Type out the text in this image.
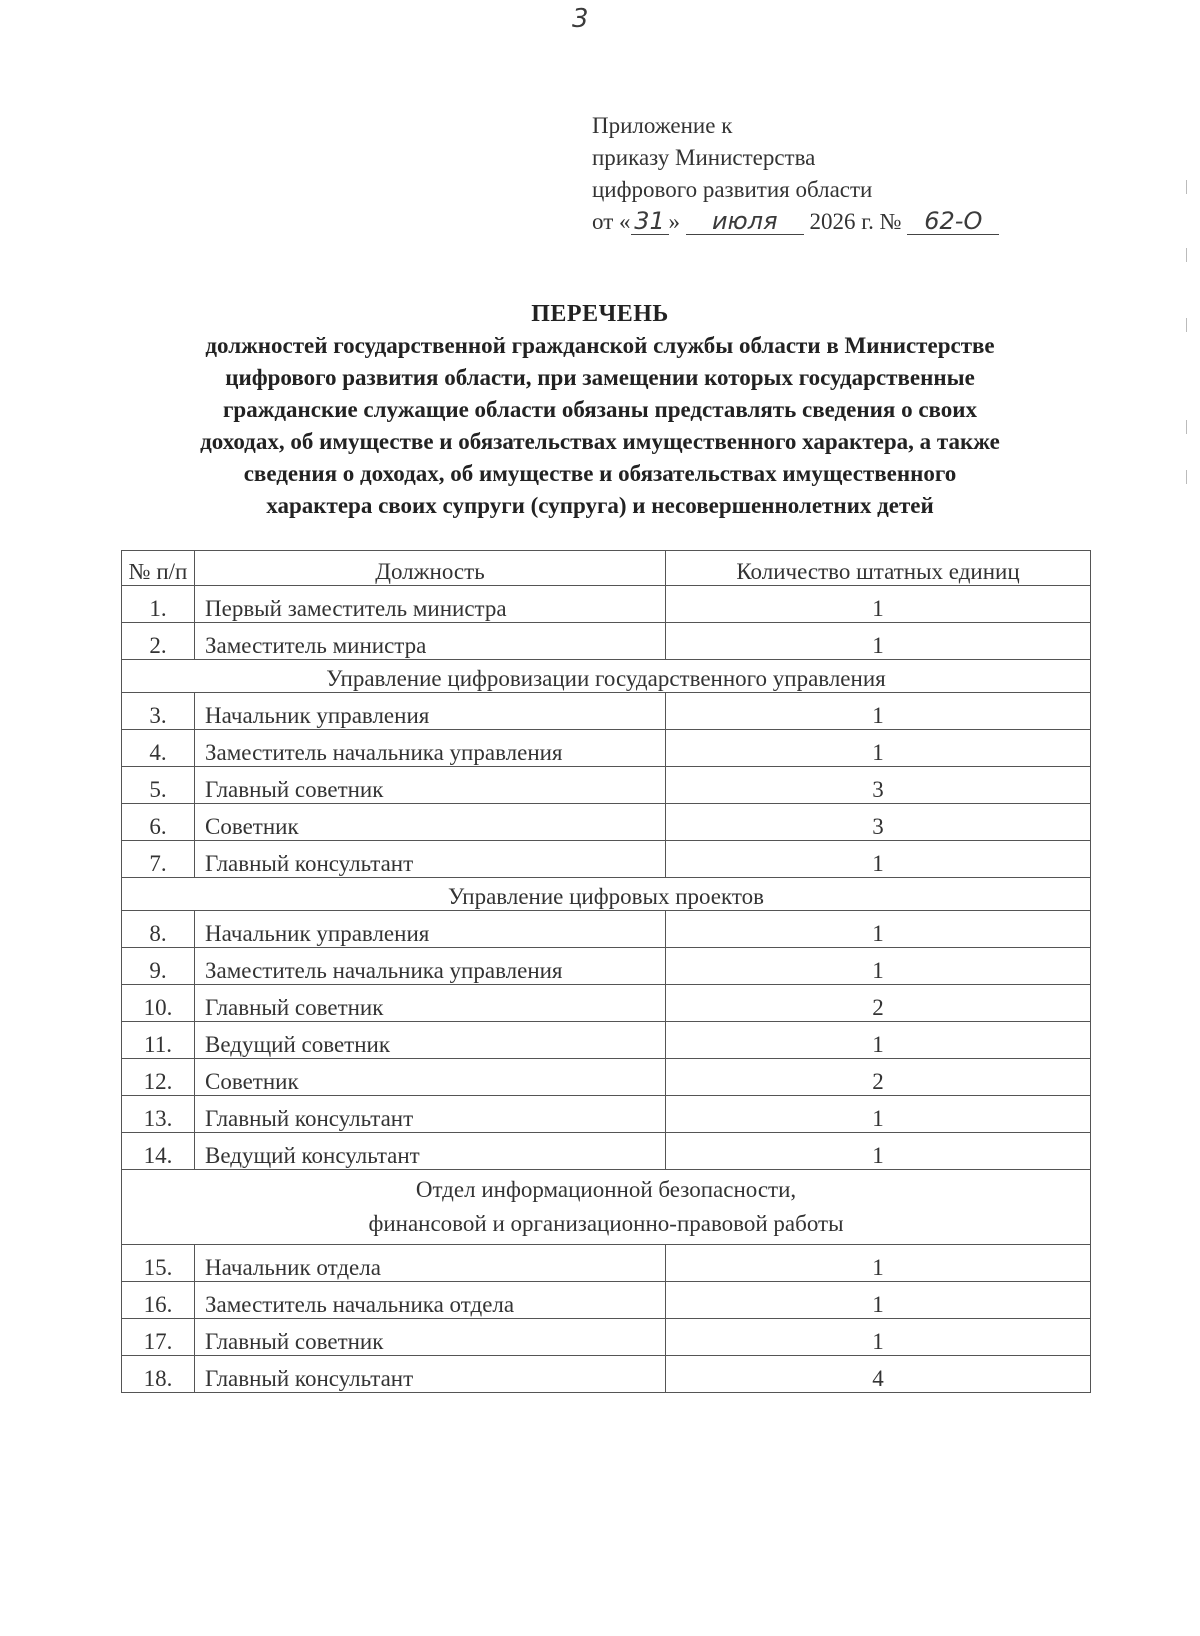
3
Приложение к
приказу Министерства
цифрового развития области
от « 31 » июля 2026 г. № 62-О
ПЕРЕЧЕНЬ
должностей государственной гражданской службы области в Министерстве
цифрового развития области, при замещении которых государственные
гражданские служащие области обязаны представлять сведения о своих
доходах, об имуществе и обязательствах имущественного характера, а также
сведения о доходах, об имуществе и обязательствах имущественного
характера своих супруги (супруга) и несовершеннолетних детей
№ п/п	Должность	Количество штатных единиц
1.	Первый заместитель министра	1
2.	Заместитель министра	1
Управление цифровизации государственного управления		
3.	Начальник управления	1
4.	Заместитель начальника управления	1
5.	Главный советник	3
6.	Советник	3
7.	Главный консультант	1
Управление цифровых проектов		
8.	Начальник управления	1
9.	Заместитель начальника управления	1
10.	Главный советник	2
11.	Ведущий советник	1
12.	Советник	2
13.	Главный консультант	1
14.	Ведущий консультант	1

Отдел информационной безопасности,
финансовой и организационно-правовой работы		

15.	Начальник отдела	1
16.	Заместитель начальника отдела	1
17.	Главный советник	1
18.	Главный консультант	4
